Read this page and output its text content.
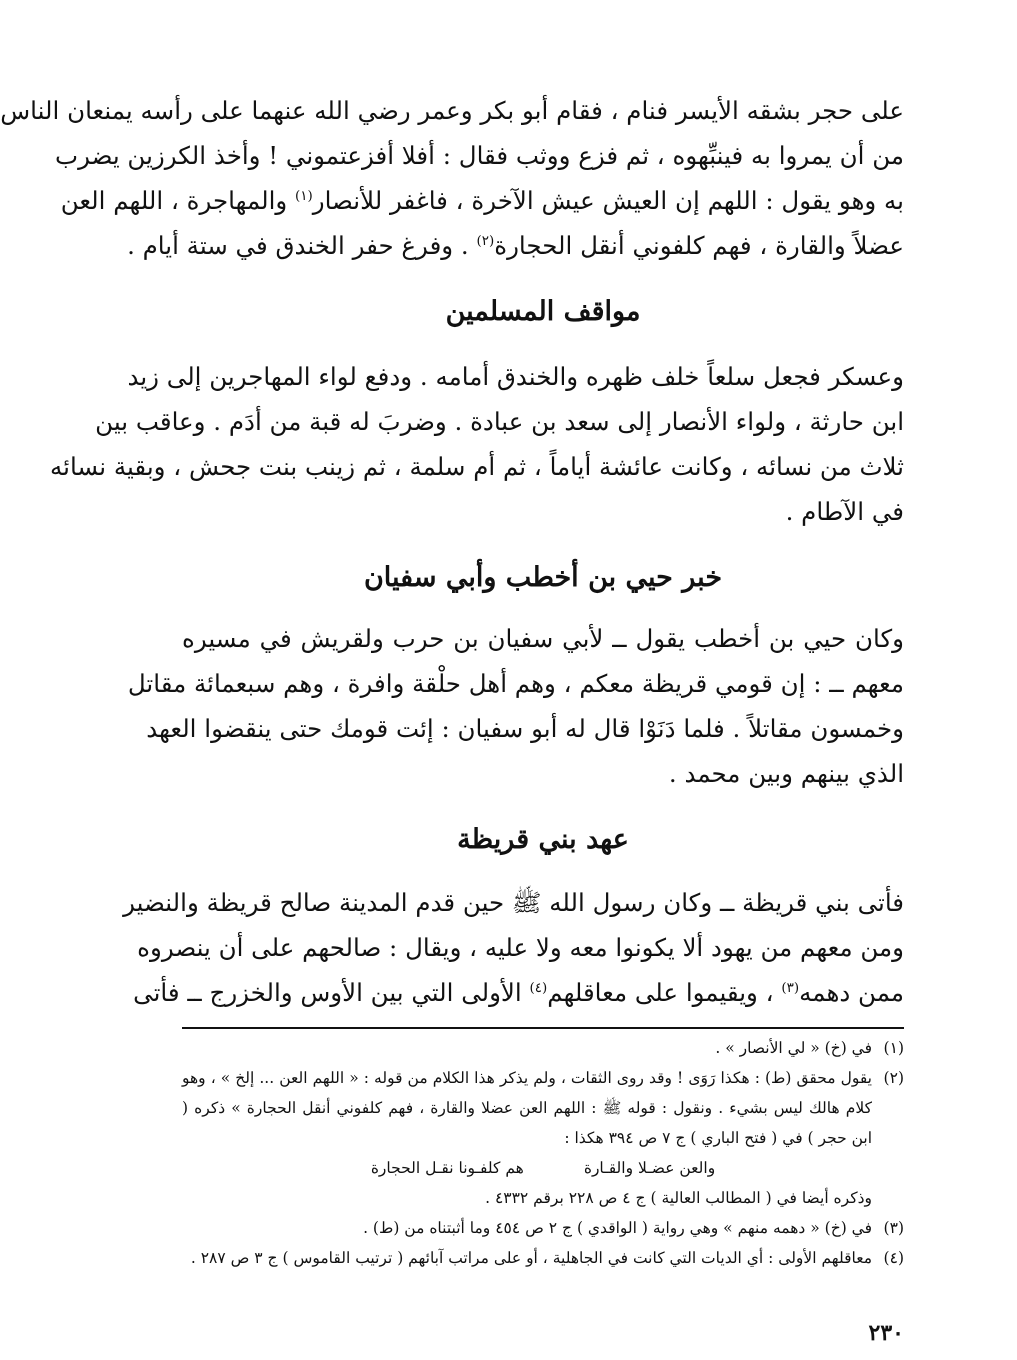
على حجر بشقه الأيسر فنام ، فقام أبو بكر وعمر رضي الله عنهما على رأسه يمنعان الناس
من أن يمروا به فينبِّهوه ، ثم فزع ووثب فقال : أفلا أفزعتموني ! وأخذ الكرزين يضرب
به وهو يقول : اللهم إن العيش عيش الآخرة ، فاغفر للأنصار$^{(١)}$ والمهاجرة ، اللهم العن
عضلاً والقارة ، فهم كلفوني أنقل الحجارة$^{(٢)}$ . وفرغ حفر الخندق في ستة أيام .
مواقف المسلمين
وعسكر فجعل سلعاً خلف ظهره والخندق أمامه . ودفع لواء المهاجرين إلى زيد
ابن حارثة ، ولواء الأنصار إلى سعد بن عبادة . وضربَ له قبة من أدَم . وعاقب بين
ثلاث من نسائه ، وكانت عائشة أياماً ، ثم أم سلمة ، ثم زينب بنت جحش ، وبقية نسائه
في الآطام .
خبر حيي بن أخطب وأبي سفيان
وكان حيي بن أخطب يقول ــ لأبي سفيان بن حرب ولقريش في مسيره
معهم ــ : إن قومي قريظة معكم ، وهم أهل حلْقة وافرة ، وهم سبعمائة مقاتل
وخمسون مقاتلاً . فلما دَنَوْا قال له أبو سفيان : إئت قومك حتى ينقضوا العهد
الذي بينهم وبين محمد .
عهد بني قريظة
فأتى بني قريظة ــ وكان رسول الله ﷺ حين قدم المدينة صالح قريظة والنضير
ومن معهم من يهود ألا يكونوا معه ولا عليه ، ويقال : صالحهم على أن ينصروه
ممن دهمه$^{(٣)}$ ، ويقيموا على معاقلهم$^{(٤)}$ الأولى التي بين الأوس والخزرج ــ فأتى
(١)
في (خ) « لي الأنصار » .
(٢)
يقول محقق (ط) : هكذا رَوَى ! وقد روى الثقات ، ولم يذكر هذا الكلام من قوله : « اللهم العن ... إلخ » ، وهو كلام هالك ليس بشيء . ونقول : قوله ﷺ : اللهم العن عضلا والقارة ، فهم كلفوني أنقل الحجارة » ذكره ( ابن حجر ) في ( فتح الباري ) ج ٧ ص ٣٩٤ هكذا :
والعن عضـلا والقـارة
هم كلفـونا نقـل الحجارة
وذكره أيضا في ( المطالب العالية ) ج ٤ ص ٢٢٨ برقم ٤٣٣٢ .
(٣)
في (خ) « دهمه منهم » وهي رواية ( الواقدي ) ج ٢ ص ٤٥٤ وما أثبتناه من (ط) .
(٤)
معاقلهم الأولى : أي الديات التي كانت في الجاهلية ، أو على مراتب آبائهم ( ترتيب القاموس ) ج ٣ ص ٢٨٧ .
٢٣٠
